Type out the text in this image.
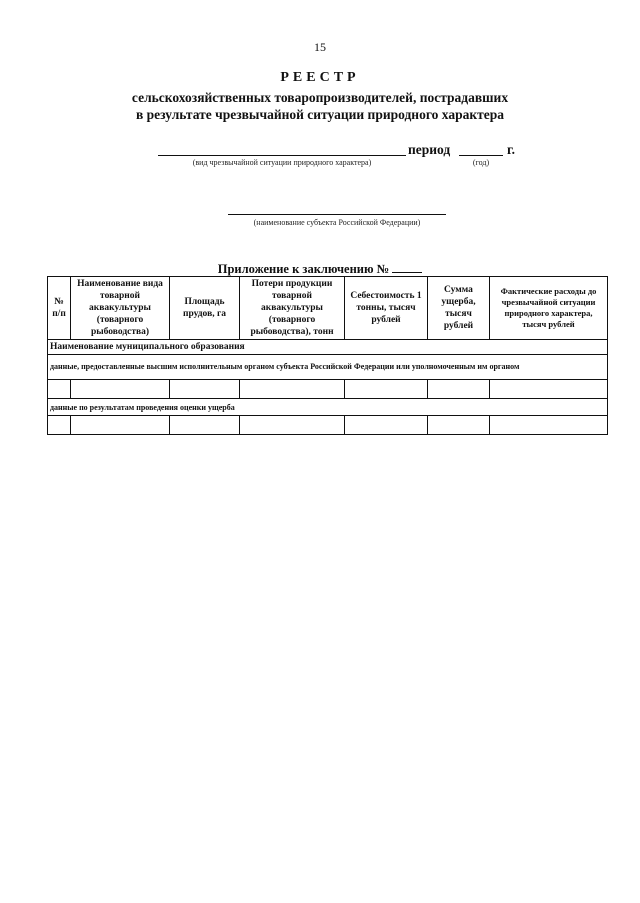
15
РЕЕСТР
сельскохозяйственных товаропроизводителей, пострадавших
в результате чрезвычайной ситуации природного характера
период	г.
(вид чрезвычайной ситуации природного характера)	(год)
(наименование субъекта Российской Федерации)
Приложение к заключению №
№ п/п	Наименование вида товарной аквакультуры (товарного рыбоводства)	Площадь прудов, га	Потери продукции товарной аквакультуры (товарного рыбоводства), тонн	Себестоимость 1 тонны, тысяч рублей	Сумма ущерба, тысяч рублей	Фактические расходы до чрезвычайной ситуации природного характера, тысяч рублей
Наименование муниципального образования						
данные, предоставленные высшим исполнительным органом субъекта Российской Федерации или уполномоченным им органом						

данные по результатам проведения оценки ущерба						
